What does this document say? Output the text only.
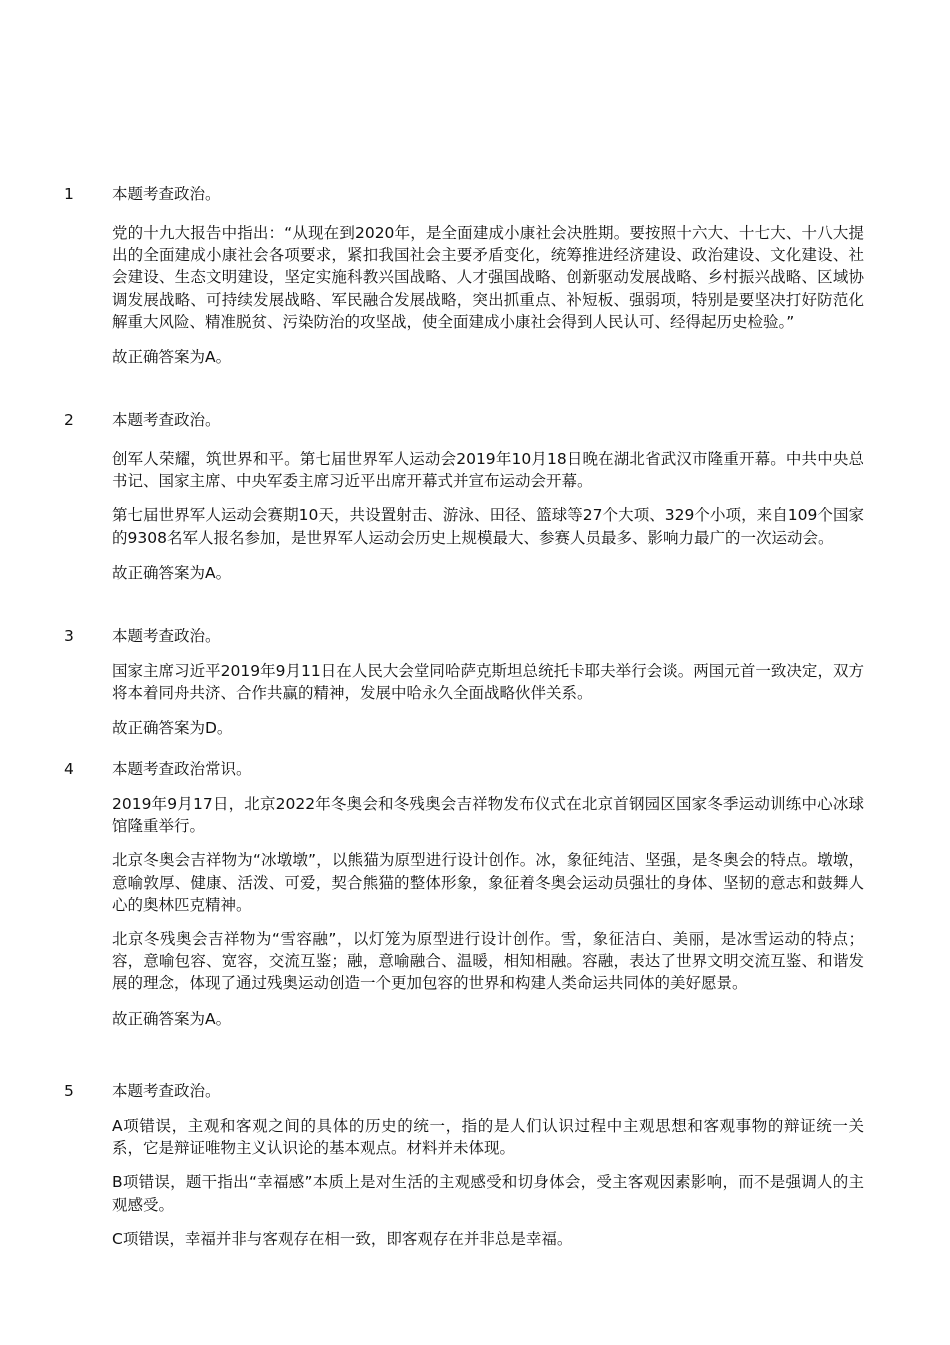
1 本题考查政治。

党的十九大报告中指出：“从现在到2020年，是全面建成小康社会决胜期。要按照十六大、十七大、十八大提出的全面建成小康社会各项要求，紧扣我国社会主要矛盾变化，统筹推进经济建设、政治建设、文化建设、社会建设、生态文明建设，坚定实施科教兴国战略、人才强国战略、创新驱动发展战略、乡村振兴战略、区域协调发展战略、可持续发展战略、军民融合发展战略，突出抓重点、补短板、强弱项，特别是要坚决打好防范化解重大风险、精准脱贫、污染防治的攻坚战，使全面建成小康社会得到人民认可、经得起历史检验。”

故正确答案为A。
2 本题考查政治。

创军人荣耀，筑世界和平。第七届世界军人运动会2019年10月18日晚在湖北省武汉市隆重开幕。中共中央总书记、国家主席、中央军委主席习近平出席开幕式并宣布运动会开幕。

第七届世界军人运动会赛期10天，共设置射击、游泳、田径、篮球等27个大项、329个小项，来自109个国家的9308名军人报名参加，是世界军人运动会历史上规模最大、参赛人员最多、影响力最广的一次运动会。

故正确答案为A。
3 本题考查政治。

国家主席习近平2019年9月11日在人民大会堂同哈萨克斯坦总统托卡耶夫举行会谈。两国元首一致决定，双方将本着同舟共济、合作共赢的精神，发展中哈永久全面战略伙伴关系。

故正确答案为D。
4 本题考查政治常识。

2019年9月17日，北京2022年冬奥会和冬残奥会吉祥物发布仪式在北京首钢园区国家冬季运动训练中心冰球馆隆重举行。

北京冬奥会吉祥物为“冰墩墩”，以熊猫为原型进行设计创作。冰，象征纯洁、坚强，是冬奥会的特点。墩墩，意喻敦厚、健康、活泼、可爱，契合熊猫的整体形象，象征着冬奥会运动员强壮的身体、坚韧的意志和鼓舞人心的奥林匹克精神。

北京冬残奥会吉祥物为“雪容融”，以灯笼为原型进行设计创作。雪，象征洁白、美丽，是冰雪运动的特点；容，意喻包容、宽容，交流互鉴；融，意喻融合、温暖，相知相融。容融，表达了世界文明交流互鉴、和谐发展的理念，体现了通过残奥运动创造一个更加包容的世界和构建人类命运共同体的美好愿景。

故正确答案为A。
5 本题考查政治。

A项错误，主观和客观之间的具体的历史的统一，指的是人们认识过程中主观思想和客观事物的辩证统一关系，它是辩证唯物主义认识论的基本观点。材料并未体现。

B项错误，题干指出“幸福感”本质上是对生活的主观感受和切身体会，受主客观因素影响，而不是强调人的主观感受。

C项错误，幸福并非与客观存在相一致，即客观存在并非总是幸福。
